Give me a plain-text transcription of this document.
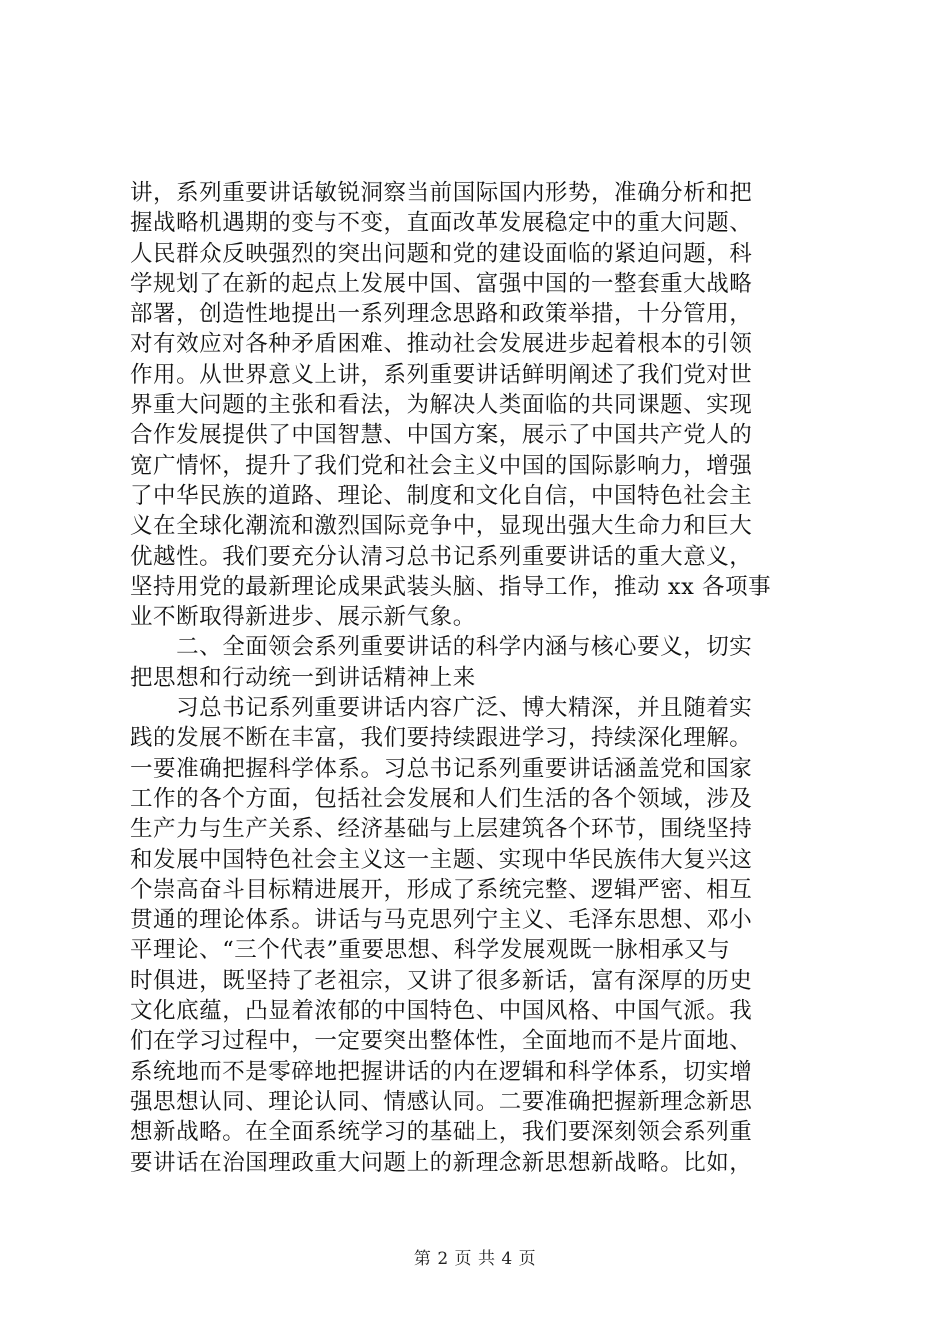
讲，系列重要讲话敏锐洞察当前国际国内形势，准确分析和把
握战略机遇期的变与不变，直面改革发展稳定中的重大问题、
人民群众反映强烈的突出问题和党的建设面临的紧迫问题，科
学规划了在新的起点上发展中国、富强中国的一整套重大战略
部署，创造性地提出一系列理念思路和政策举措，十分管用，
对有效应对各种矛盾困难、推动社会发展进步起着根本的引领
作用。从世界意义上讲，系列重要讲话鲜明阐述了我们党对世
界重大问题的主张和看法，为解决人类面临的共同课题、实现
合作发展提供了中国智慧、中国方案，展示了中国共产党人的
宽广情怀，提升了我们党和社会主义中国的国际影响力，增强
了中华民族的道路、理论、制度和文化自信，中国特色社会主
义在全球化潮流和激烈国际竞争中，显现出强大生命力和巨大
优越性。我们要充分认清习总书记系列重要讲话的重大意义，
坚持用党的最新理论成果武装头脑、指导工作，推动 xx 各项事
业不断取得新进步、展示新气象。
　　二、全面领会系列重要讲话的科学内涵与核心要义，切实
把思想和行动统一到讲话精神上来
　　习总书记系列重要讲话内容广泛、博大精深，并且随着实
践的发展不断在丰富，我们要持续跟进学习，持续深化理解。
一要准确把握科学体系。习总书记系列重要讲话涵盖党和国家
工作的各个方面，包括社会发展和人们生活的各个领域，涉及
生产力与生产关系、经济基础与上层建筑各个环节，围绕坚持
和发展中国特色社会主义这一主题、实现中华民族伟大复兴这
个崇高奋斗目标精进展开，形成了系统完整、逻辑严密、相互
贯通的理论体系。讲话与马克思列宁主义、毛泽东思想、邓小
平理论、“三个代表”重要思想、科学发展观既一脉相承又与
时俱进，既坚持了老祖宗，又讲了很多新话，富有深厚的历史
文化底蕴，凸显着浓郁的中国特色、中国风格、中国气派。我
们在学习过程中，一定要突出整体性，全面地而不是片面地、
系统地而不是零碎地把握讲话的内在逻辑和科学体系，切实增
强思想认同、理论认同、情感认同。二要准确把握新理念新思
想新战略。在全面系统学习的基础上，我们要深刻领会系列重
要讲话在治国理政重大问题上的新理念新思想新战略。比如，
第 2 页 共 4 页
